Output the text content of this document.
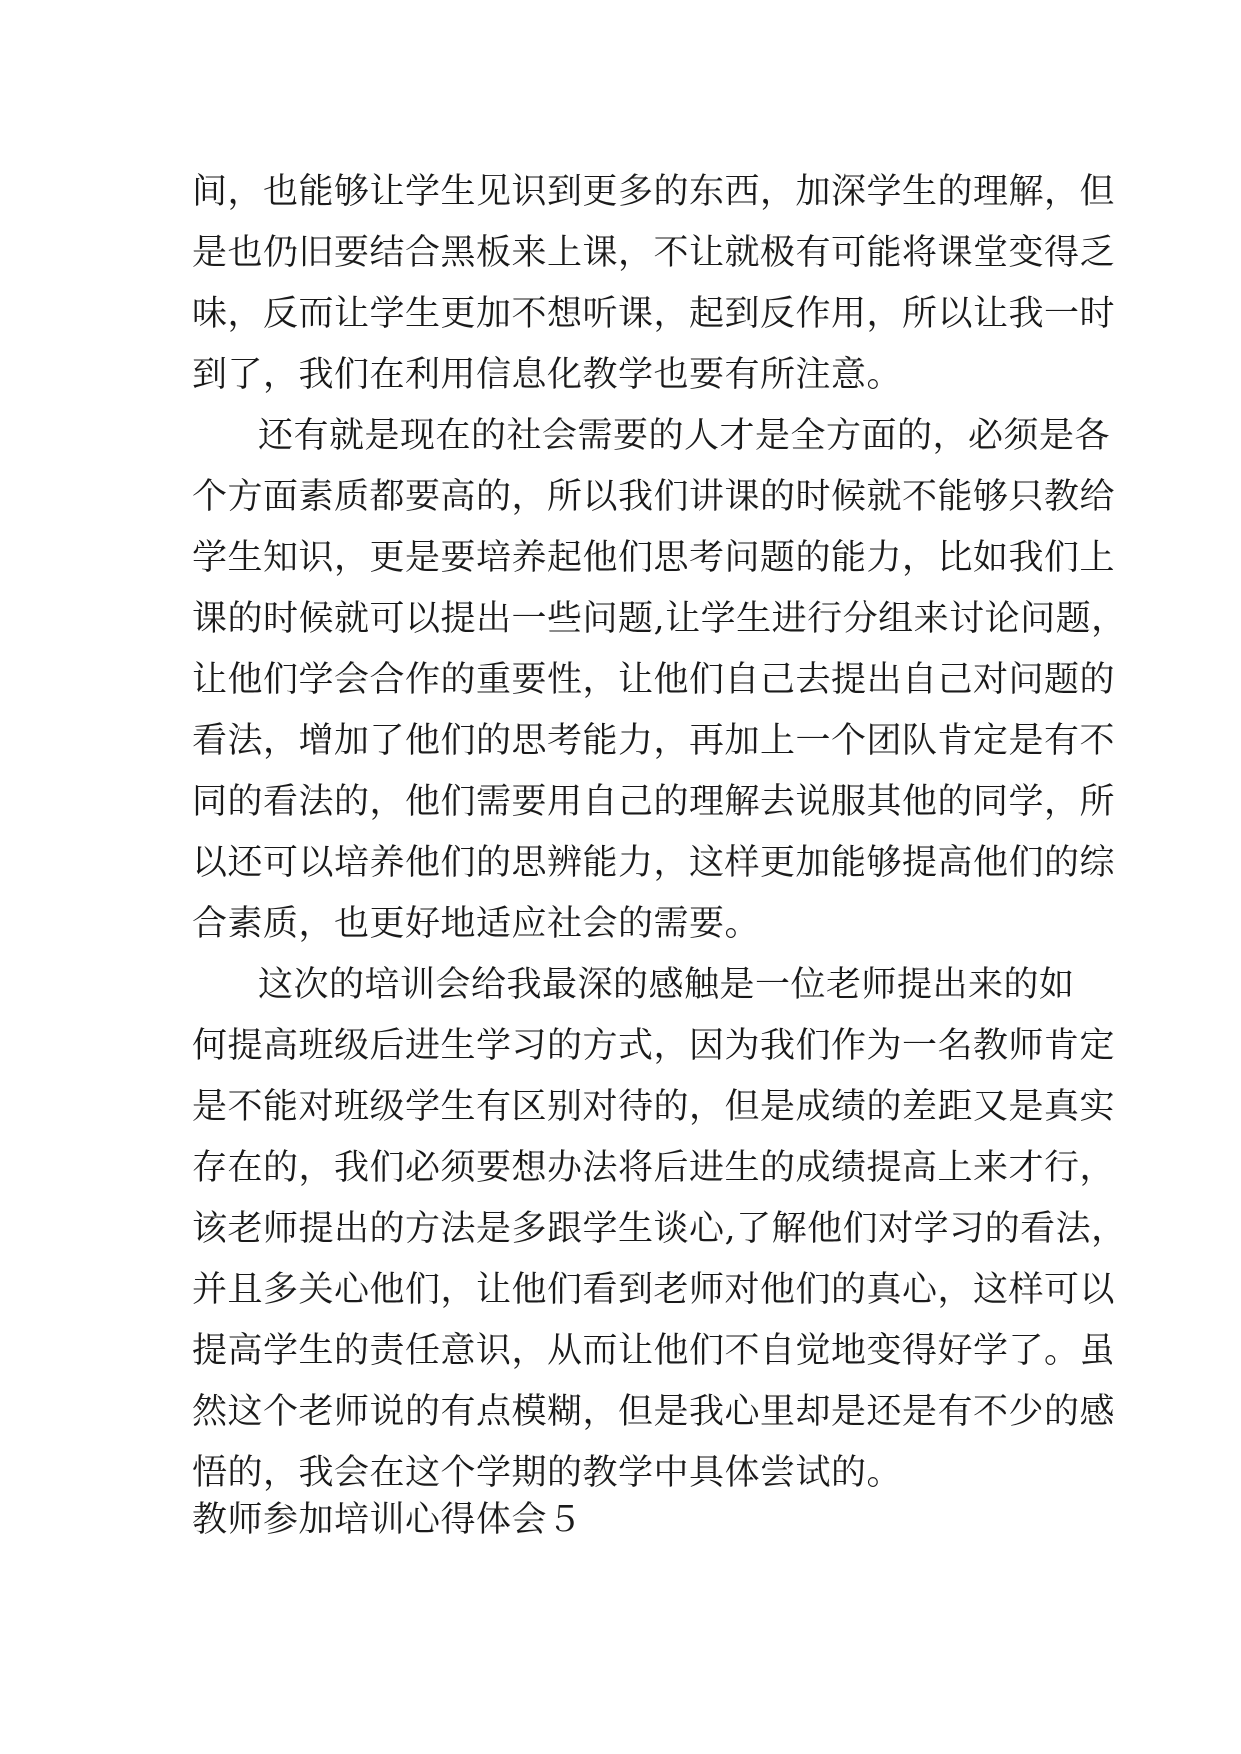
间，也能够让学生见识到更多的东西，加深学生的理解，但
是也仍旧要结合黑板来上课，不让就极有可能将课堂变得乏
味，反而让学生更加不想听课，起到反作用，所以让我一时
到了，我们在利用信息化教学也要有所注意。
还有就是现在的社会需要的人才是全方面的，必须是各
个方面素质都要高的，所以我们讲课的时候就不能够只教给
学生知识，更是要培养起他们思考问题的能力，比如我们上
课的时候就可以提出一些问题,让学生进行分组来讨论问题，
让他们学会合作的重要性，让他们自己去提出自己对问题的
看法，增加了他们的思考能力，再加上一个团队肯定是有不
同的看法的，他们需要用自己的理解去说服其他的同学，所
以还可以培养他们的思辨能力，这样更加能够提高他们的综
合素质，也更好地适应社会的需要。
这次的培训会给我最深的感触是一位老师提出来的如
何提高班级后进生学习的方式，因为我们作为一名教师肯定
是不能对班级学生有区别对待的，但是成绩的差距又是真实
存在的，我们必须要想办法将后进生的成绩提高上来才行，
该老师提出的方法是多跟学生谈心,了解他们对学习的看法，
并且多关心他们，让他们看到老师对他们的真心，这样可以
提高学生的责任意识，从而让他们不自觉地变得好学了。虽
然这个老师说的有点模糊，但是我心里却是还是有不少的感
悟的，我会在这个学期的教学中具体尝试的。
教师参加培训心得体会５
